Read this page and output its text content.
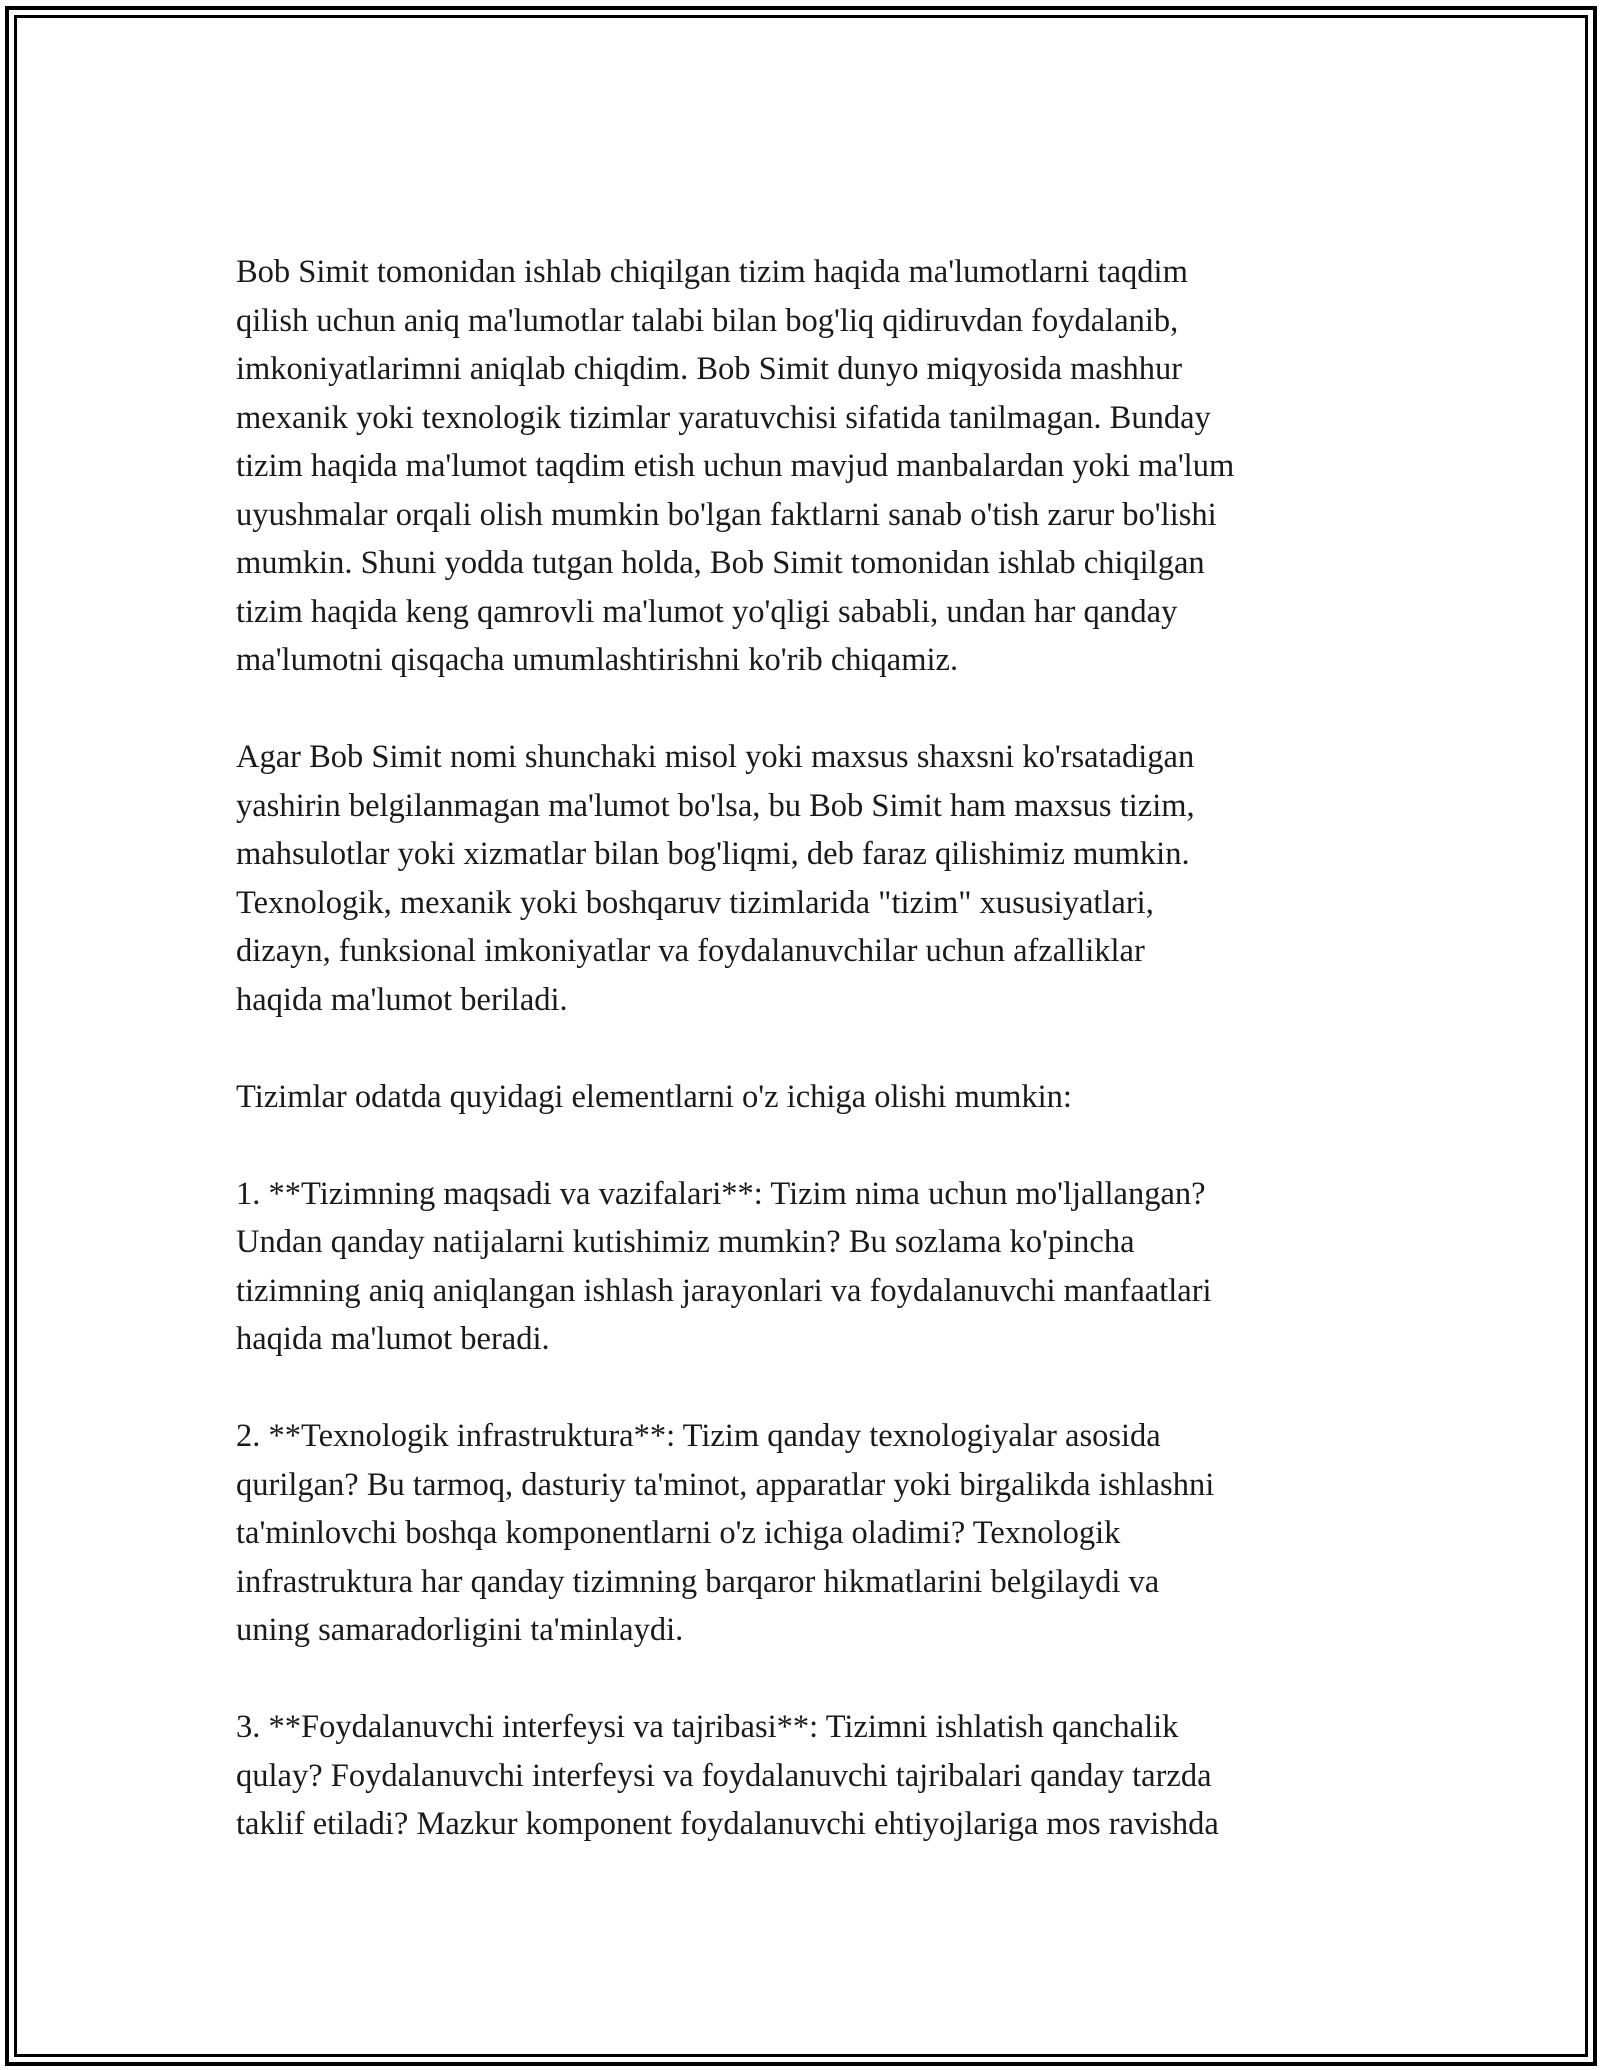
Bob Simit tomonidan ishlab chiqilgan tizim haqida ma'lumotlarni taqdim
qilish uchun aniq ma'lumotlar talabi bilan bog'liq qidiruvdan foydalanib,
imkoniyatlarimni aniqlab chiqdim. Bob Simit dunyo miqyosida mashhur
mexanik yoki texnologik tizimlar yaratuvchisi sifatida tanilmagan. Bunday
tizim haqida ma'lumot taqdim etish uchun mavjud manbalardan yoki ma'lum
uyushmalar orqali olish mumkin bo'lgan faktlarni sanab o'tish zarur bo'lishi
mumkin. Shuni yodda tutgan holda, Bob Simit tomonidan ishlab chiqilgan
tizim haqida keng qamrovli ma'lumot yo'qligi sababli, undan har qanday
ma'lumotni qisqacha umumlashtirishni ko'rib chiqamiz.

Agar Bob Simit nomi shunchaki misol yoki maxsus shaxsni ko'rsatadigan
yashirin belgilanmagan ma'lumot bo'lsa, bu Bob Simit ham maxsus tizim,
mahsulotlar yoki xizmatlar bilan bog'liqmi, deb faraz qilishimiz mumkin.
Texnologik, mexanik yoki boshqaruv tizimlarida "tizim" xususiyatlari,
dizayn, funksional imkoniyatlar va foydalanuvchilar uchun afzalliklar
haqida ma'lumot beriladi.

Tizimlar odatda quyidagi elementlarni o'z ichiga olishi mumkin:

1. **Tizimning maqsadi va vazifalari**: Tizim nima uchun mo'ljallangan?
Undan qanday natijalarni kutishimiz mumkin? Bu sozlama ko'pincha
tizimning aniq aniqlangan ishlash jarayonlari va foydalanuvchi manfaatlari
haqida ma'lumot beradi.

2. **Texnologik infrastruktura**: Tizim qanday texnologiyalar asosida
qurilgan? Bu tarmoq, dasturiy ta'minot, apparatlar yoki birgalikda ishlashni
ta'minlovchi boshqa komponentlarni o'z ichiga oladimi? Texnologik
infrastruktura har qanday tizimning barqaror hikmatlarini belgilaydi va
uning samaradorligini ta'minlaydi.

3. **Foydalanuvchi interfeysi va tajribasi**: Tizimni ishlatish qanchalik
qulay? Foydalanuvchi interfeysi va foydalanuvchi tajribalari qanday tarzda
taklif etiladi? Mazkur komponent foydalanuvchi ehtiyojlariga mos ravishda
